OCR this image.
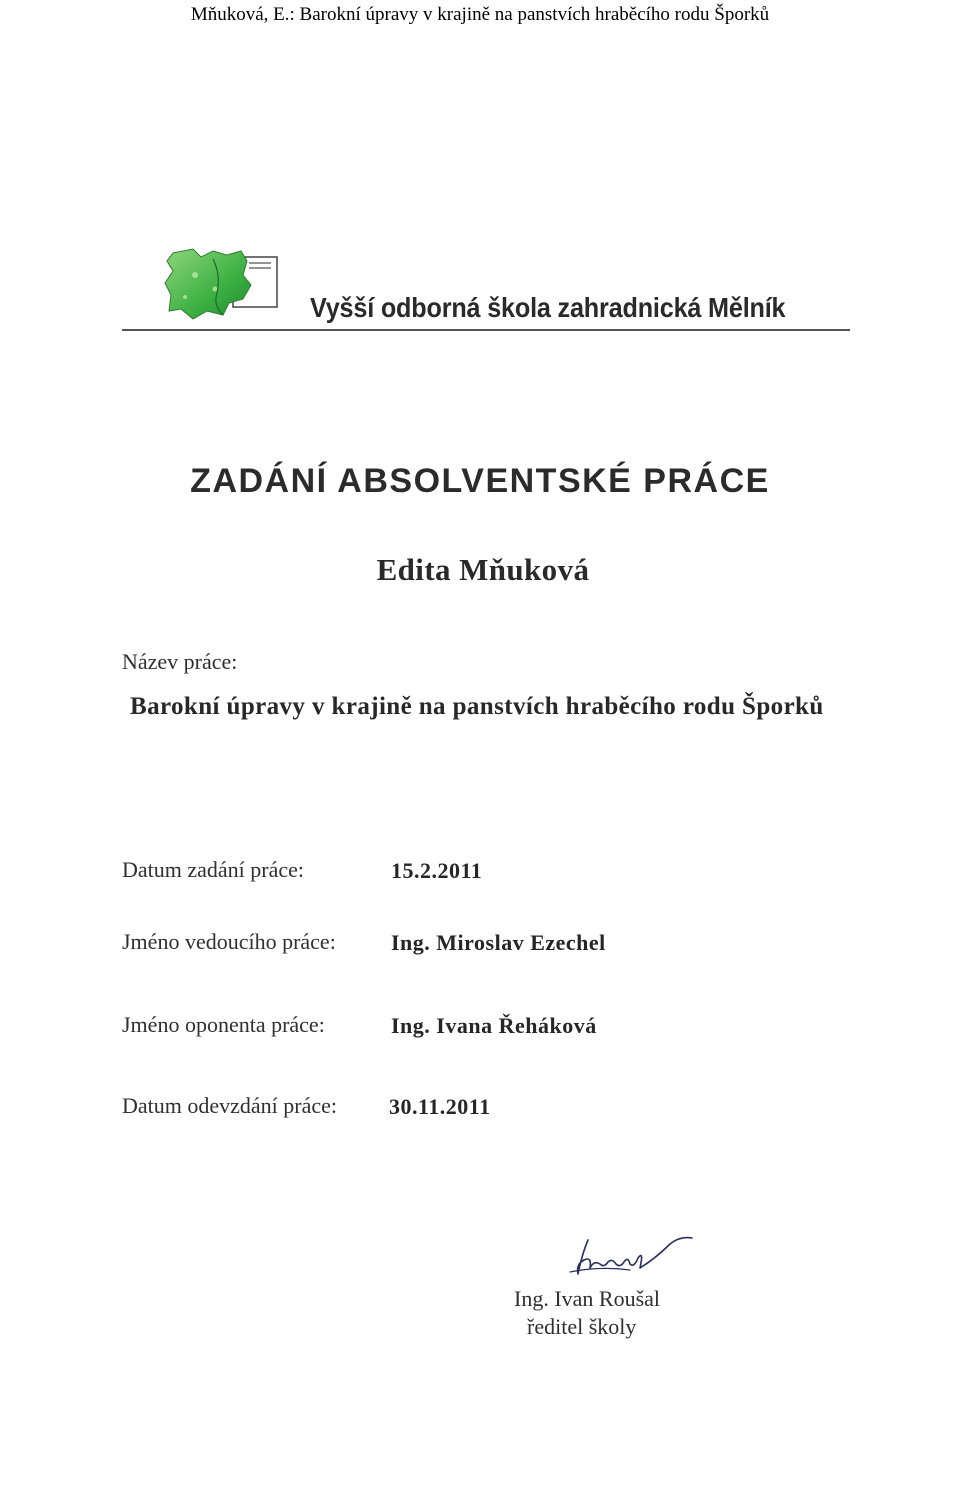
Mňuková, E.: Barokní úpravy v krajině na panstvích hraběcího rodu Šporků
Vyšší odborná škola zahradnická Mělník
ZADÁNÍ ABSOLVENTSKÉ PRÁCE
Edita Mňuková
Název práce:
Barokní úpravy v krajině na panstvích hraběcího rodu Šporků
Datum zadání práce:	15.2.2011
Jméno vedoucího práce:	Ing. Miroslav Ezechel
Jméno oponenta práce:	Ing. Ivana Řeháková
Datum odevzdání práce: 30.11.2011
Ing. Ivan Roušal
ředitel školy
